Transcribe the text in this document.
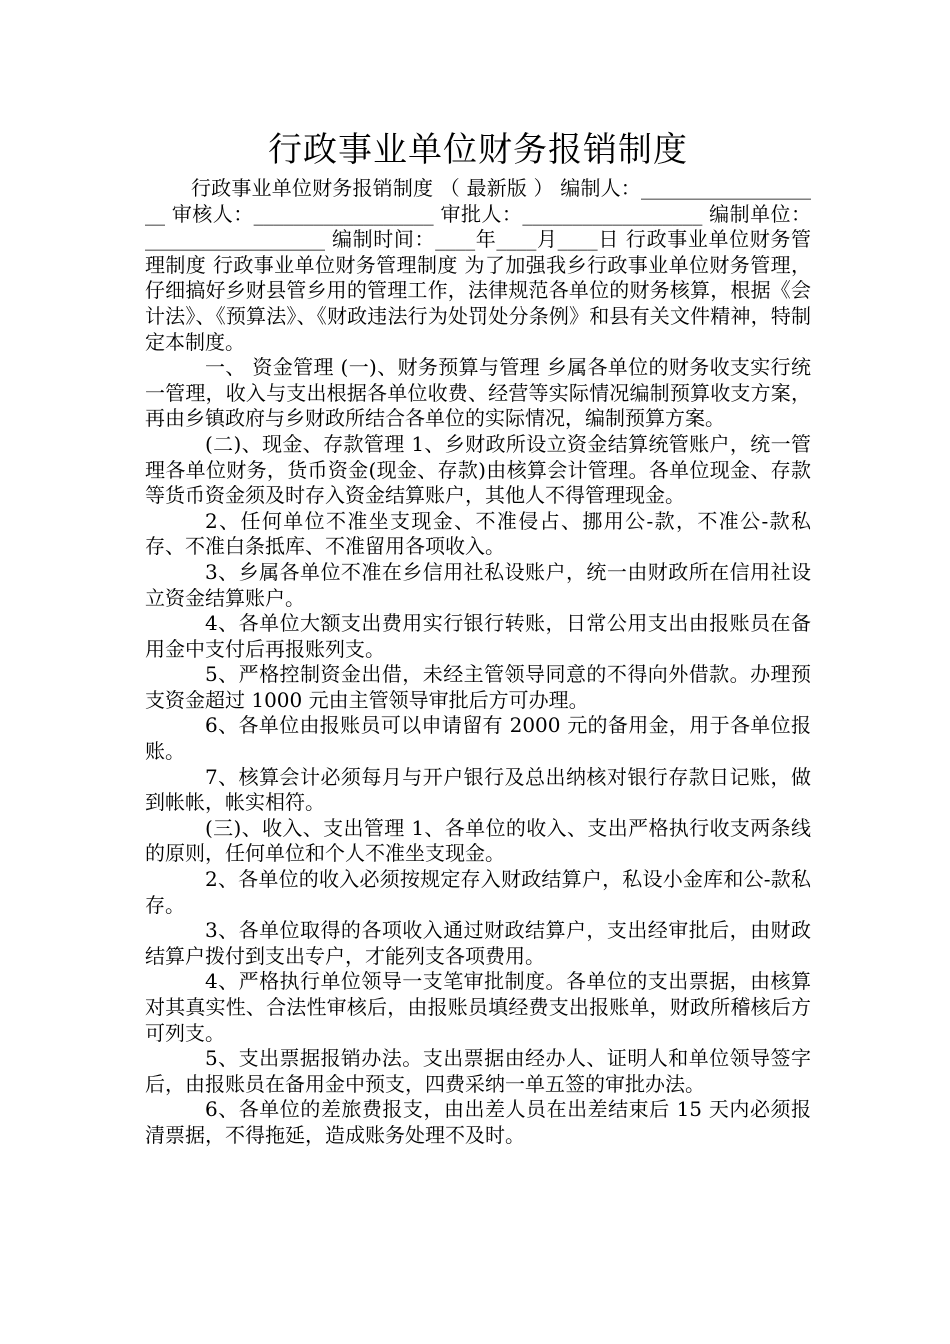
行政事业单位财务报销制度

行政事业单位财务报销制度 （ 最新版 ） 编制人：___________________ 审核人：__________________ 审批人：__________________ 编制单位：__________________ 编制时间：____年____月____日 行政事业单位财务管理制度 行政事业单位财务管理制度 为了加强我乡行政事业单位财务管理，仔细搞好乡财县管乡用的管理工作，法律规范各单位的财务核算，根据《会计法》、《预算法》、《财政违法行为处罚处分条例》和县有关文件精神，特制定本制度。

一、 资金管理 (一)、财务预算与管理 乡属各单位的财务收支实行统一管理，收入与支出根据各单位收费、经营等实际情况编制预算收支方案，再由乡镇政府与乡财政所结合各单位的实际情况，编制预算方案。

(二)、现金、存款管理 1、乡财政所设立资金结算统管账户，统一管理各单位财务，货币资金(现金、存款)由核算会计管理。各单位现金、存款等货币资金须及时存入资金结算账户，其他人不得管理现金。

2、任何单位不准坐支现金、不准侵占、挪用公-款，不准公-款私存、不准白条抵库、不准留用各项收入。

3、乡属各单位不准在乡信用社私设账户，统一由财政所在信用社设立资金结算账户。

4、各单位大额支出费用实行银行转账，日常公用支出由报账员在备用金中支付后再报账列支。

5、严格控制资金出借，未经主管领导同意的不得向外借款。办理预支资金超过 1000 元由主管领导审批后方可办理。

6、各单位由报账员可以申请留有 2000 元的备用金，用于各单位报账。

7、核算会计必须每月与开户银行及总出纳核对银行存款日记账，做到帐帐，帐实相符。

(三)、收入、支出管理 1、各单位的收入、支出严格执行收支两条线的原则，任何单位和个人不准坐支现金。

2、各单位的收入必须按规定存入财政结算户，私设小金库和公-款私存。

3、各单位取得的各项收入通过财政结算户，支出经审批后，由财政结算户拨付到支出专户，才能列支各项费用。

4、严格执行单位领导一支笔审批制度。各单位的支出票据，由核算对其真实性、合法性审核后，由报账员填经费支出报账单，财政所稽核后方可列支。

5、支出票据报销办法。支出票据由经办人、证明人和单位领导签字后，由报账员在备用金中预支，四费采纳一单五签的审批办法。

6、各单位的差旅费报支，由出差人员在出差结束后 15 天内必须报清票据，不得拖延，造成账务处理不及时。
